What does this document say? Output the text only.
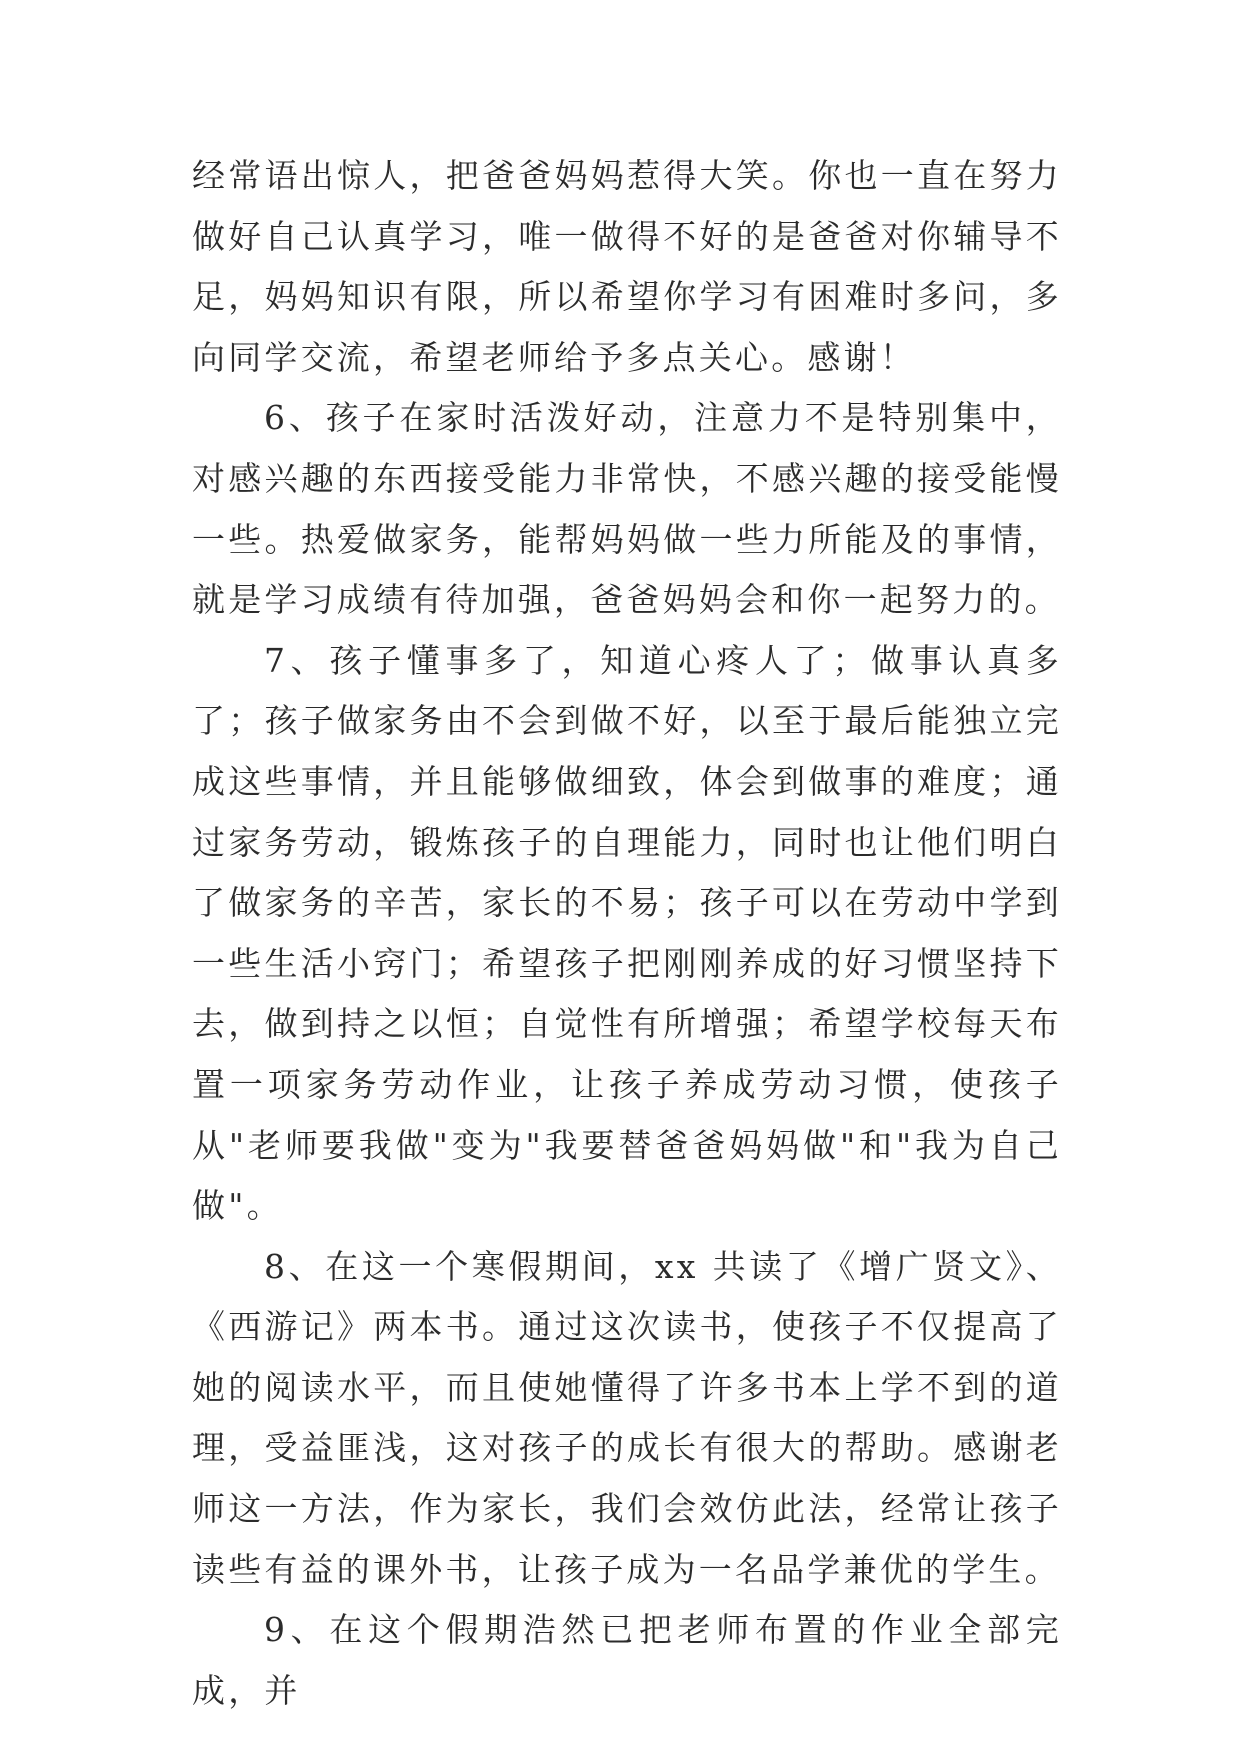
经常语出惊人，把爸爸妈妈惹得大笑。你也一直在努力做好自己认真学习，唯一做得不好的是爸爸对你辅导不足，妈妈知识有限，所以希望你学习有困难时多问，多向同学交流，希望老师给予多点关心。感谢！

6、孩子在家时活泼好动，注意力不是特别集中，对感兴趣的东西接受能力非常快，不感兴趣的接受能慢一些。热爱做家务，能帮妈妈做一些力所能及的事情，就是学习成绩有待加强，爸爸妈妈会和你一起努力的。

7、孩子懂事多了，知道心疼人了；做事认真多了；孩子做家务由不会到做不好，以至于最后能独立完成这些事情，并且能够做细致，体会到做事的难度；通过家务劳动，锻炼孩子的自理能力，同时也让他们明白了做家务的辛苦，家长的不易；孩子可以在劳动中学到一些生活小窍门；希望孩子把刚刚养成的好习惯坚持下去，做到持之以恒；自觉性有所增强；希望学校每天布置一项家务劳动作业，让孩子养成劳动习惯，使孩子从"老师要我做"变为"我要替爸爸妈妈做"和"我为自己做"。

8、在这一个寒假期间，xx 共读了《增广贤文》、《西游记》两本书。通过这次读书，使孩子不仅提高了她的阅读水平，而且使她懂得了许多书本上学不到的道理，受益匪浅，这对孩子的成长有很大的帮助。感谢老师这一方法，作为家长，我们会效仿此法，经常让孩子读些有益的课外书，让孩子成为一名品学兼优的学生。

9、在这个假期浩然已把老师布置的作业全部完成，并
